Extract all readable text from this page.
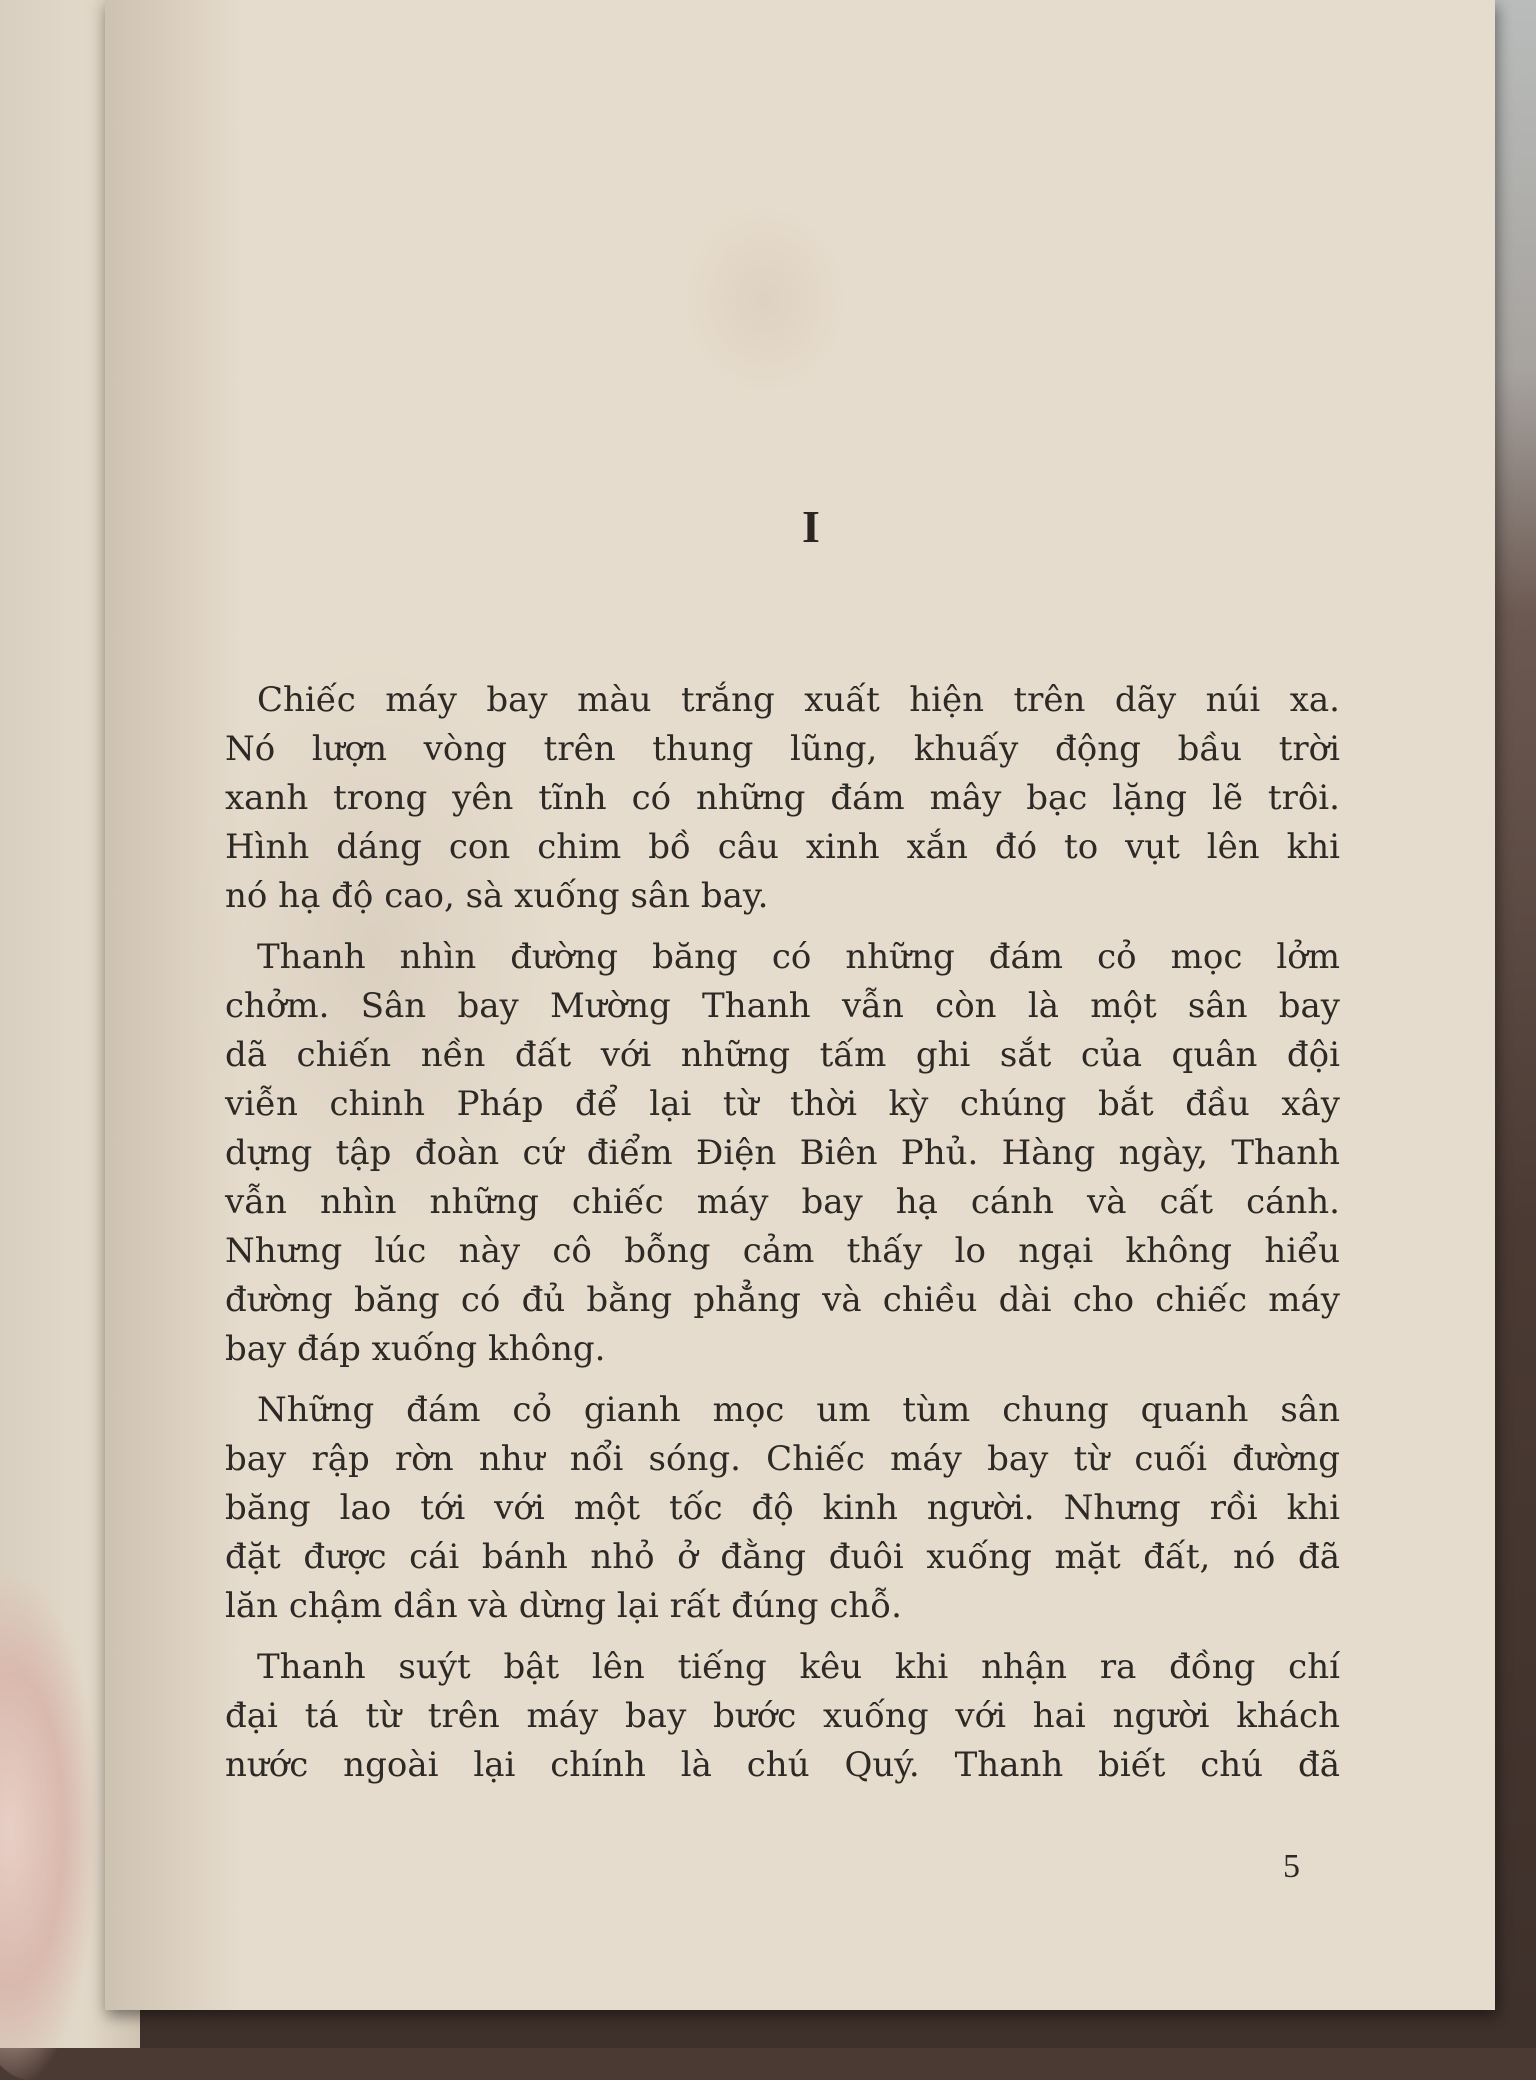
I

Chiếc máy bay màu trắng xuất hiện trên dãy núi xa.
Nó lượn vòng trên thung lũng, khuấy động bầu trời
xanh trong yên tĩnh có những đám mây bạc lặng lẽ trôi.
Hình dáng con chim bồ câu xinh xắn đó to vụt lên khi
nó hạ độ cao, sà xuống sân bay.

Thanh nhìn đường băng có những đám cỏ mọc lởm
chởm. Sân bay Mường Thanh vẫn còn là một sân bay
dã chiến nền đất với những tấm ghi sắt của quân đội
viễn chinh Pháp để lại từ thời kỳ chúng bắt đầu xây
dựng tập đoàn cứ điểm Điện Biên Phủ. Hàng ngày, Thanh
vẫn nhìn những chiếc máy bay hạ cánh và cất cánh.
Nhưng lúc này cô bỗng cảm thấy lo ngại không hiểu
đường băng có đủ bằng phẳng và chiều dài cho chiếc máy
bay đáp xuống không.

Những đám cỏ gianh mọc um tùm chung quanh sân
bay rập rờn như nổi sóng. Chiếc máy bay từ cuối đường
băng lao tới với một tốc độ kinh người. Nhưng rồi khi
đặt được cái bánh nhỏ ở đằng đuôi xuống mặt đất, nó đã
lăn chậm dần và dừng lại rất đúng chỗ.

Thanh suýt bật lên tiếng kêu khi nhận ra đồng chí
đại tá từ trên máy bay bước xuống với hai người khách
nước ngoài lại chính là chú Quý. Thanh biết chú đã

5
